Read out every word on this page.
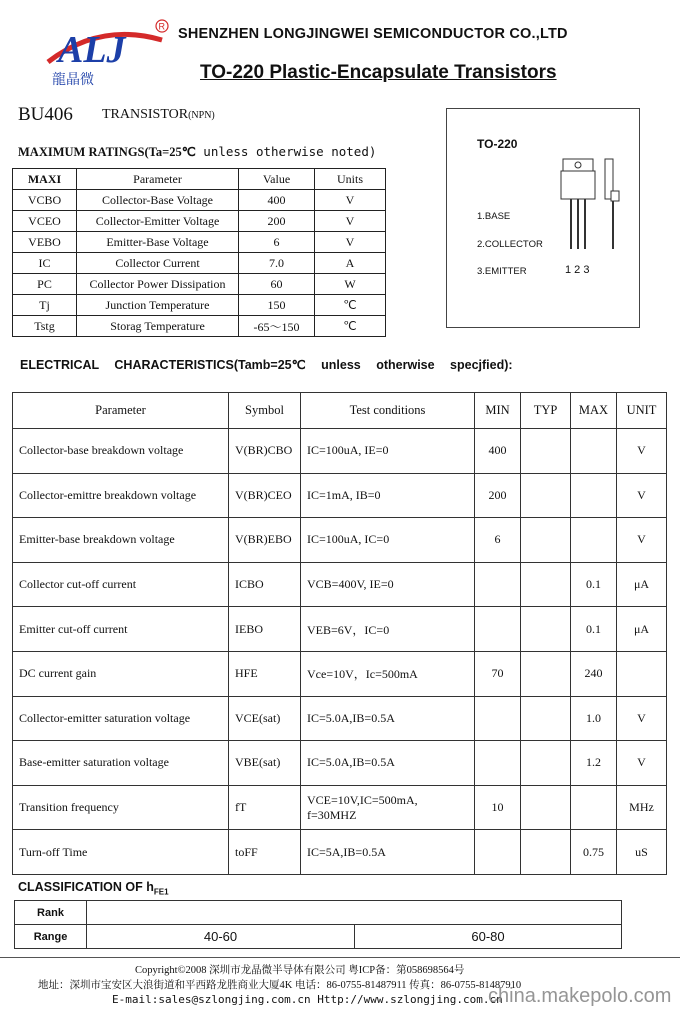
ALJ
龍晶微
R SHENZHEN LONGJINGWEI SEMICONDUCTOR CO.,LTD
TO-220 Plastic-Encapsulate Transistors
BU406 TRANSISTOR(NPN)
MAXIMUM RATINGS(Ta=25℃ unless otherwise noted)
MAXI	Parameter	Value	Units
VCBO	Collector-Base Voltage	400	V
VCEO	Collector-Emitter Voltage	200	V
VEBO	Emitter-Base Voltage	6	V
IC	Collector Current	7.0	A
PC	Collector Power Dissipation	60	W
Tj	Junction Temperature	150	℃
Tstg	Storag Temperature	-65～150	℃
TO-220
1.BASE
2.COLLECTOR
3.EMITTER	1 2 3
ELECTRICAL CHARACTERISTICS(Tamb=25℃ unless otherwise specjfied):
Parameter	Symbol	Test conditions	MIN	TYP	MAX	UNIT
Collector-base breakdown voltage	V(BR)CBO	IC=100uA, IE=0	400			V
Collector-emittre breakdown voltage	V(BR)CEO	IC=1mA, IB=0	200			V
Emitter-base breakdown voltage	V(BR)EBO	IC=100uA, IC=0	6			V
Collector cut-off current	ICBO	VCB=400V, IE=0			0.1	μA
Emitter cut-off current	IEBO	VEB=6V，IC=0			0.1	μA
DC current gain	HFE	Vce=10V，Ic=500mA	70		240	
Collector-emitter saturation voltage	VCE(sat)	IC=5.0A,IB=0.5A			1.0	V
Base-emitter saturation voltage	VBE(sat)	IC=5.0A,IB=0.5A			1.2	V
Transition frequency	fT	VCE=10V,IC=500mA, f=30MHZ	10			MHz
Turn-off Time	toFF	IC=5A,IB=0.5A			0.75	uS
CLASSIFICATION OF $h_{FE1}$
Rank		
Range	40-60	60-80
Copyright©2008 深圳市龙晶微半导体有限公司 粤ICP备：第058698564号
地址：深圳市宝安区大浪街道和平西路龙胜商业大厦4K 电话：86-0755-81487911 传真：86-0755-81487910
E-mail:sales@szlongjing.com.cn Http://www.szlongjing.com.cn
china.makepolo.com
